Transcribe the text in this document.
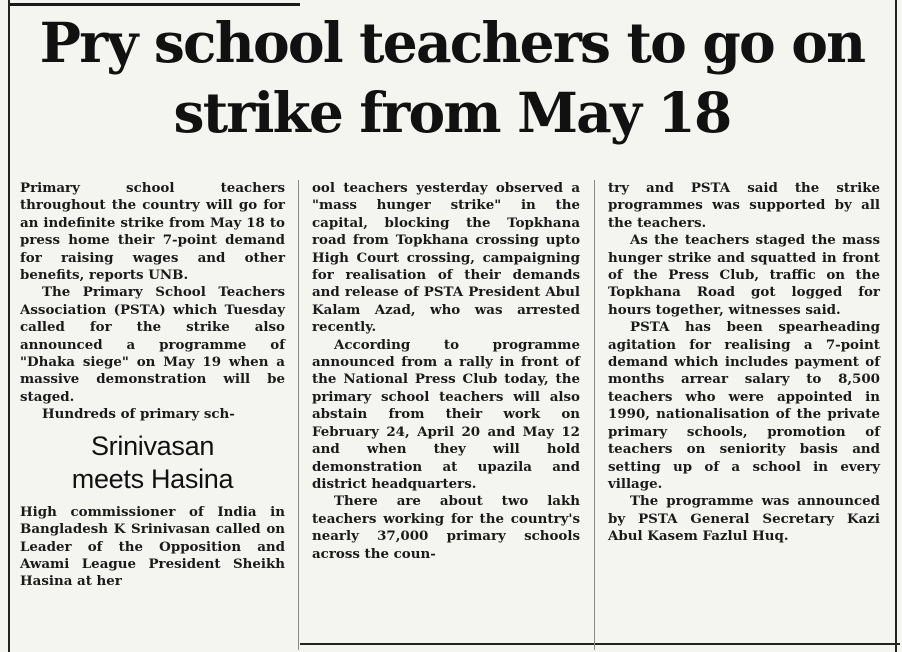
Pry school teachers to go on strike from May 18

Primary school teachers throughout the country will go for an indefinite strike from May 18 to press home their 7-point demand for raising wages and other benefits, reports UNB.

The Primary School Teachers Association (PSTA) which Tuesday called for the strike also announced a programme of "Dhaka siege" on May 19 when a massive demonstration will be staged.

Hundreds of primary sch-

Srinivasan
meets Hasina

High commissioner of India in Bangladesh K Srinivasan called on Leader of the Opposition and Awami League President Sheikh Hasina at her

ool teachers yesterday observed a "mass hunger strike" in the capital, blocking the Topkhana road from Topkhana crossing upto High Court crossing, campaigning for realisation of their demands and release of PSTA President Abul Kalam Azad, who was arrested recently.

According to programme announced from a rally in front of the National Press Club today, the primary school teachers will also abstain from their work on February 24, April 20 and May 12 and when they will hold demonstration at upazila and district headquarters.

There are about two lakh teachers working for the country's nearly 37,000 primary schools across the coun-

try and PSTA said the strike programmes was supported by all the teachers.

As the teachers staged the mass hunger strike and squatted in front of the Press Club, traffic on the Topkhana Road got logged for hours together, witnesses said.

PSTA has been spearheading agitation for realising a 7-point demand which includes payment of months arrear salary to 8,500 teachers who were appointed in 1990, nationalisation of the private primary schools, promotion of teachers on seniority basis and setting up of a school in every village.

The programme was announced by PSTA General Secretary Kazi Abul Kasem Fazlul Huq.
